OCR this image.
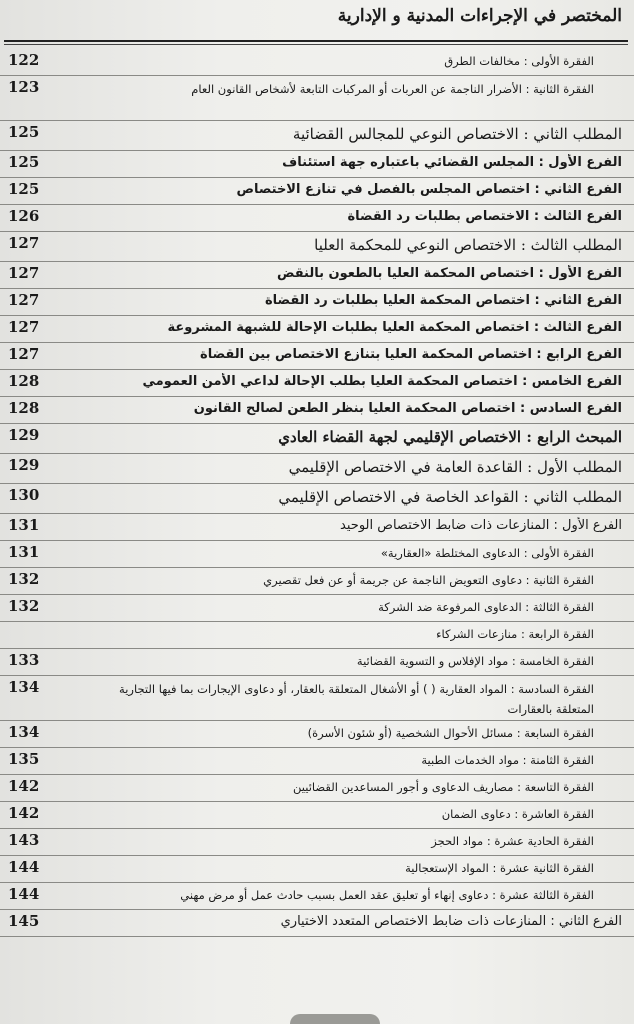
المختصر في الإجراءات المدنية و الإدارية
122	الفقرة الأولى : مخالفات الطرق
123	الفقرة الثانية : الأضرار الناجمة عن العربات أو المركبات التابعة لأشخاص القانون العام
125	المطلب الثاني : الاختصاص النوعي للمجالس القضائية
125	الفرع الأول : المجلس القضائي باعتباره جهة استئناف
125	الفرع الثاني : اختصاص المجلس بالفصل في تنازع الاختصاص
126	الفرع الثالث : الاختصاص بطلبات رد القضاة
127	المطلب الثالث : الاختصاص النوعي للمحكمة العليا
127	الفرع الأول : اختصاص المحكمة العليا بالطعون بالنقض
127	الفرع الثاني : اختصاص المحكمة العليا بطلبات رد القضاة
127	الفرع الثالث : اختصاص المحكمة العليا بطلبات الإحالة للشبهة المشروعة
127	الفرع الرابع : اختصاص المحكمة العليا بتنازع الاختصاص بين القضاة
128	الفرع الخامس : اختصاص المحكمة العليا بطلب الإحالة لداعي الأمن العمومي
128	الفرع السادس : اختصاص المحكمة العليا بنظر الطعن لصالح القانون
129	المبحث الرابع : الاختصاص الإقليمي لجهة القضاء العادي
129	المطلب الأول : القاعدة العامة في الاختصاص الإقليمي
130	المطلب الثاني : القواعد الخاصة في الاختصاص الإقليمي
131	الفرع الأول : المنازعات ذات ضابط الاختصاص الوحيد
131	الفقرة الأولى : الدعاوى المختلطة «العقارية»
132	الفقرة الثانية : دعاوى التعويض الناجمة عن جريمة أو عن فعل تقصيري
132	الفقرة الثالثة : الدعاوى المرفوعة ضد الشركة
الفقرة الرابعة : منازعات الشركاء
133	الفقرة الخامسة : مواد الإفلاس و التسوية القضائية
134	الفقرة السادسة : المواد العقارية ( ) أو الأشغال المتعلقة بالعقار، أو دعاوى الإيجارات بما فيها التجارية المتعلقة بالعقارات
134	الفقرة السابعة : مسائل الأحوال الشخصية (أو شئون الأسرة)
135	الفقرة الثامنة : مواد الخدمات الطبية
142	الفقرة التاسعة : مصاريف الدعاوى و أجور المساعدين القضائيين
142	الفقرة العاشرة : دعاوى الضمان
143	الفقرة الحادية عشرة : مواد الحجز
144	الفقرة الثانية عشرة : المواد الإستعجالية
144	الفقرة الثالثة عشرة : دعاوى إنهاء أو تعليق عقد العمل بسبب حادث عمل أو مرض مهني
145	الفرع الثاني : المنازعات ذات ضابط الاختصاص المتعدد الاختياري
